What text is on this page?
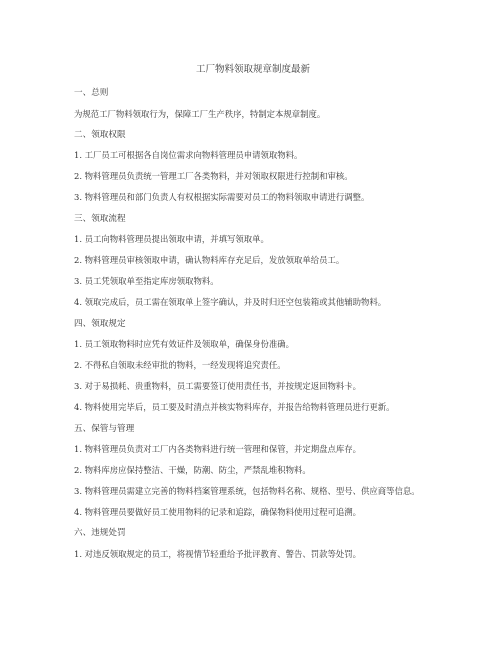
工厂物料领取规章制度最新
一、总则
为规范工厂物料领取行为，保障工厂生产秩序，特制定本规章制度。
二、领取权限
1. 工厂员工可根据各自岗位需求向物料管理员申请领取物料。
2. 物料管理员负责统一管理工厂各类物料，并对领取权限进行控制和审核。
3. 物料管理员和部门负责人有权根据实际需要对员工的物料领取申请进行调整。
三、领取流程
1. 员工向物料管理员提出领取申请，并填写领取单。
2. 物料管理员审核领取申请，确认物料库存充足后，发放领取单给员工。
3. 员工凭领取单至指定库房领取物料。
4. 领取完成后，员工需在领取单上签字确认，并及时归还空包装箱或其他辅助物料。
四、领取规定
1. 员工领取物料时应凭有效证件及领取单，确保身份准确。
2. 不得私自领取未经审批的物料，一经发现将追究责任。
3. 对于易损耗、贵重物料，员工需要签订使用责任书，并按规定返回物料卡。
4. 物料使用完毕后，员工要及时清点并核实物料库存，并报告给物料管理员进行更新。
五、保管与管理
1. 物料管理员负责对工厂内各类物料进行统一管理和保管，并定期盘点库存。
2. 物料库房应保持整洁、干燥，防潮、防尘，严禁乱堆积物料。
3. 物料管理员需建立完善的物料档案管理系统，包括物料名称、规格、型号、供应商等信息。
4. 物料管理员要做好员工使用物料的记录和追踪，确保物料使用过程可追溯。
六、违规处罚
1. 对违反领取规定的员工，将视情节轻重给予批评教育、警告、罚款等处罚。
